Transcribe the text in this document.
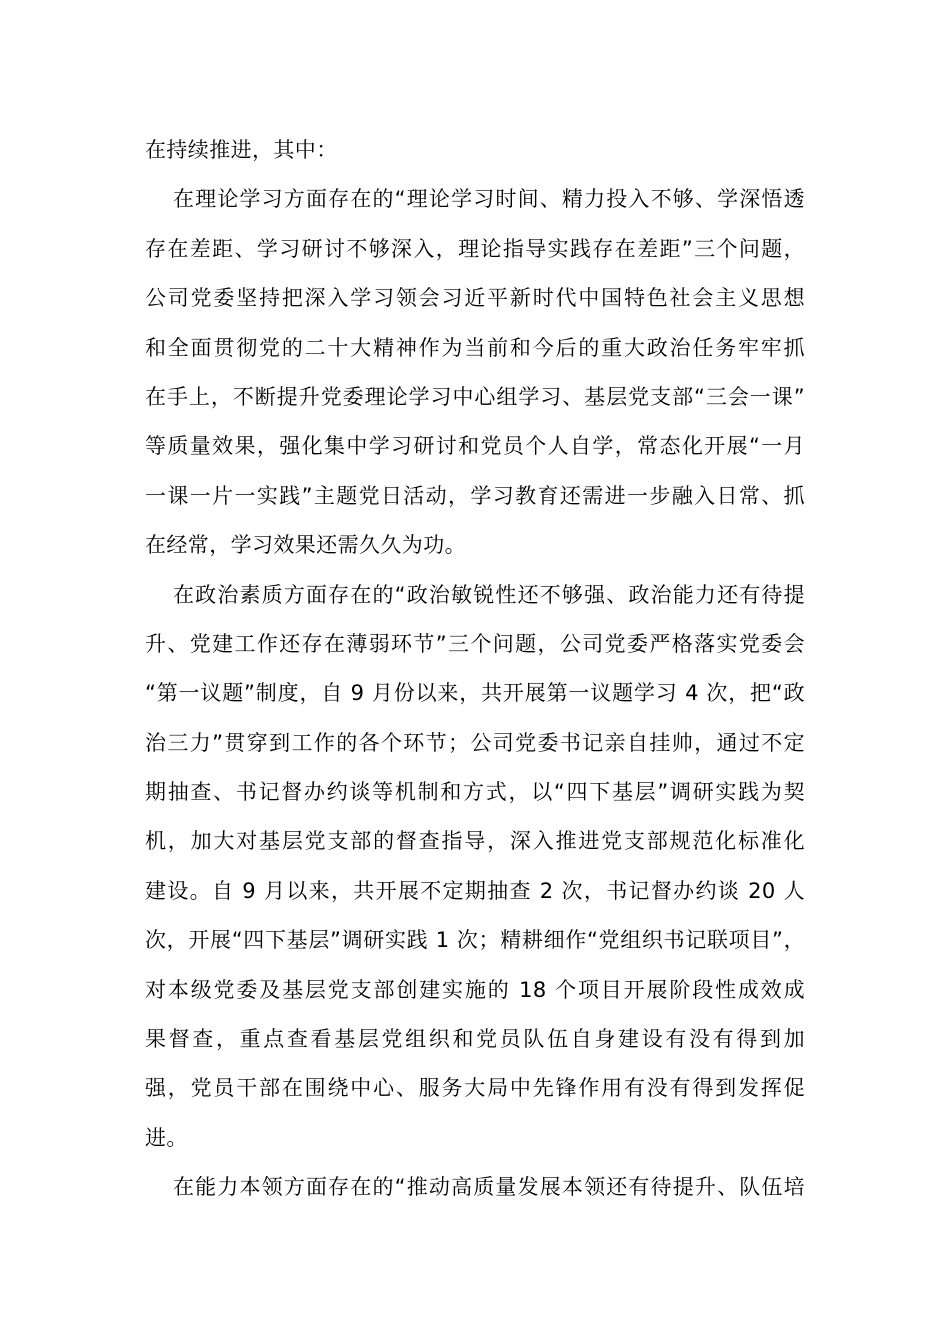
在持续推进，其中：
在理论学习方面存在的“理论学习时间、精力投入不够、学深悟透
存在差距、学习研讨不够深入，理论指导实践存在差距”三个问题，
公司党委坚持把深入学习领会习近平新时代中国特色社会主义思想
和全面贯彻党的二十大精神作为当前和今后的重大政治任务牢牢抓
在手上，不断提升党委理论学习中心组学习、基层党支部“三会一课”
等质量效果，强化集中学习研讨和党员个人自学，常态化开展“一月
一课一片一实践”主题党日活动，学习教育还需进一步融入日常、抓
在经常，学习效果还需久久为功。
在政治素质方面存在的“政治敏锐性还不够强、政治能力还有待提
升、党建工作还存在薄弱环节”三个问题，公司党委严格落实党委会
“第一议题”制度，自 9 月份以来，共开展第一议题学习 4 次，把“政
治三力”贯穿到工作的各个环节；公司党委书记亲自挂帅，通过不定
期抽查、书记督办约谈等机制和方式，以“四下基层”调研实践为契
机，加大对基层党支部的督查指导，深入推进党支部规范化标准化
建设。自 9 月以来，共开展不定期抽查 2 次，书记督办约谈 20 人
次，开展“四下基层”调研实践 1 次；精耕细作“党组织书记联项目”，
对本级党委及基层党支部创建实施的 18 个项目开展阶段性成效成
果督查，重点查看基层党组织和党员队伍自身建设有没有得到加
强，党员干部在围绕中心、服务大局中先锋作用有没有得到发挥促
进。
在能力本领方面存在的“推动高质量发展本领还有待提升、队伍培
